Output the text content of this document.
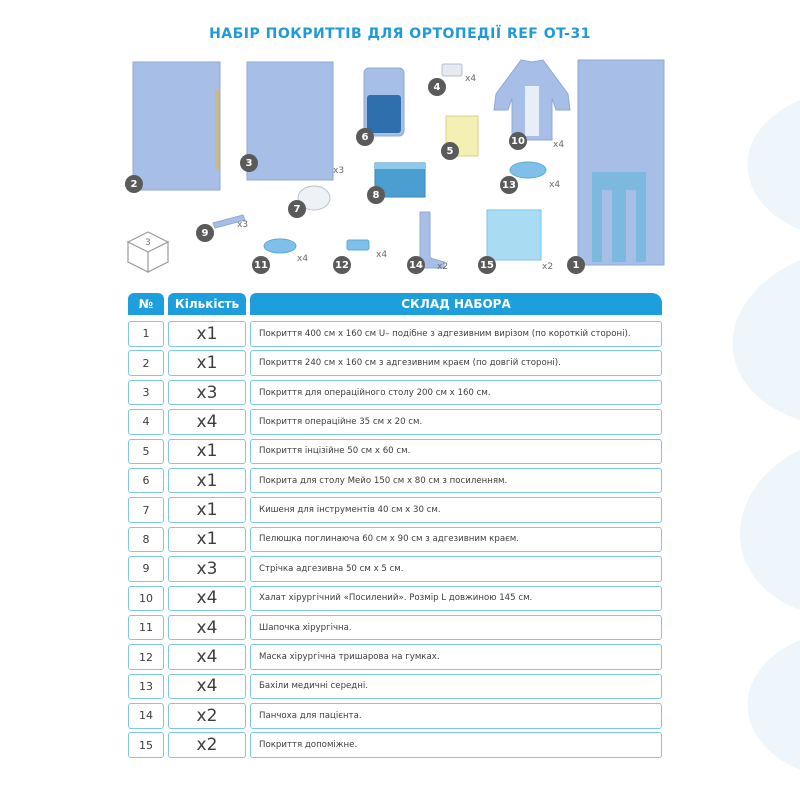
НАБІР ПОКРИТТІВ ДЛЯ ОРТОПЕДІЇ REF OT-31
1
2
3
4
5
6
7
8
9
10
11	12
13
14	15
x3
x4
x3
x4
x4	x4
x4
x2	x2
3
№	Кількість	СКЛАД НАБОРА
1	x1	Покриття 400 см х 160 см U– подібне з адгезивним вирізом (по короткій стороні).
2	x1	Покриття 240 см х 160 см з адгезивним краєм (по довгій стороні).
3	x3	Покриття для операційного столу 200 см х 160 см.
4	x4	Покриття операційне 35 см х 20 см.
5	x1	Покриття інцізійне 50 см х 60 см.
6	x1	Покрита для столу Мейо 150 см х 80 см з посиленням.
7	x1	Кишеня для інструментів 40 см х 30 см.
8	x1	Пелюшка поглинаюча 60 см х 90 см з адгезивним краєм.
9	x3	Стрічка адгезивна 50 см х 5 см.
10	x4	Халат хірургічний «Посилений». Розмір L довжиною 145 см.
11	x4	Шапочка хірургічна.
12	x4	Маска хірургічна тришарова на гумках.
13	x4	Бахіли медичні середні.
14	x2	Панчоха для пацієнта.
15	x2	Покриття допоміжне.
